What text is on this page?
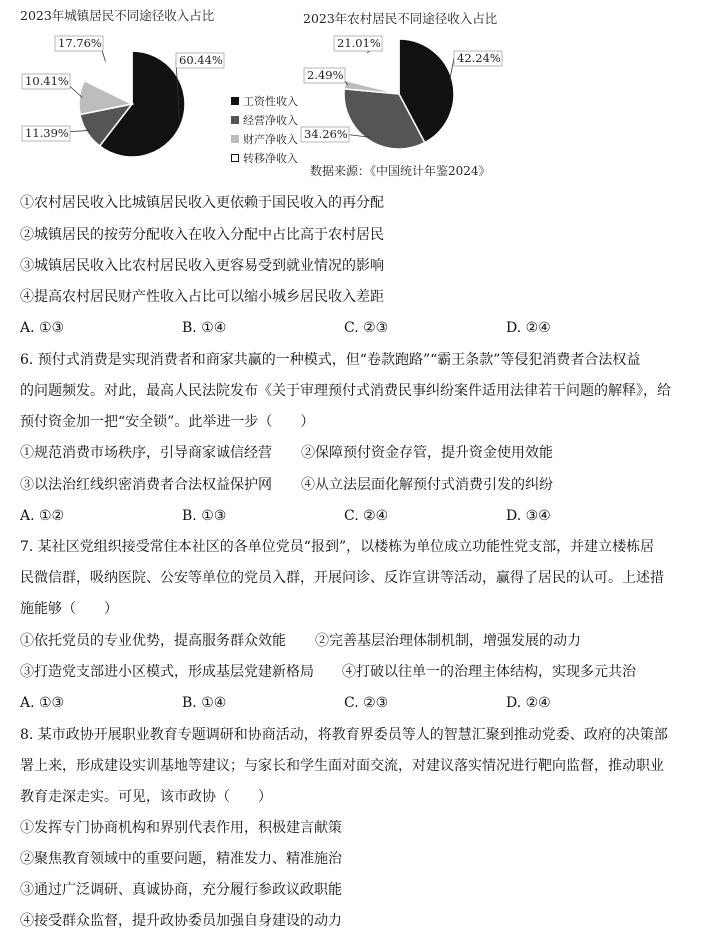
2023年城镇居民不同途径收入占比	2023年农村居民不同途径收入占比
60.44%
11.39%
10.41%
17.76%
42.24%
34.26%
2.49%
21.01%
工资性收入
经营净收入
财产净收入
转移净收入
数据来源：《中国统计年鉴2024》
①农村居民收入比城镇居民收入更依赖于国民收入的再分配
②城镇居民的按劳分配收入在收入分配中占比高于农村居民
③城镇居民收入比农村居民收入更容易受到就业情况的影响
④提高农村居民财产性收入占比可以缩小城乡居民收入差距
A. ①③	B. ①④	C. ②③	D. ②④
6. 预付式消费是实现消费者和商家共赢的一种模式，但“卷款跑路”“霸王条款”等侵犯消费者合法权益
的问题频发。对此，最高人民法院发布《关于审理预付式消费民事纠纷案件适用法律若干问题的解释》，给
预付资金加一把“安全锁”。此举进一步（　　）
①规范消费市场秩序，引导商家诚信经营 ②保障预付资金存管，提升资金使用效能
③以法治红线织密消费者合法权益保护网 ④从立法层面化解预付式消费引发的纠纷
A. ①②	B. ①③	C. ②④	D. ③④
7. 某社区党组织接受常住本社区的各单位党员“报到”，以楼栋为单位成立功能性党支部，并建立楼栋居
民微信群，吸纳医院、公安等单位的党员入群，开展问诊、反诈宣讲等活动，赢得了居民的认可。上述措
施能够（　　）
①依托党员的专业优势，提高服务群众效能 ②完善基层治理体制机制，增强发展的动力
③打造党支部进小区模式，形成基层党建新格局 ④打破以往单一的治理主体结构，实现多元共治
A. ①③	B. ①④	C. ②③	D. ②④
8. 某市政协开展职业教育专题调研和协商活动，将教育界委员等人的智慧汇聚到推动党委、政府的决策部
署上来，形成建设实训基地等建议；与家长和学生面对面交流，对建议落实情况进行靶向监督，推动职业
教育走深走实。可见，该市政协（　　）
①发挥专门协商机构和界别代表作用，积极建言献策
②聚焦教育领域中的重要问题，精准发力、精准施治
③通过广泛调研、真诚协商，充分履行参政议政职能
④接受群众监督，提升政协委员加强自身建设的动力
